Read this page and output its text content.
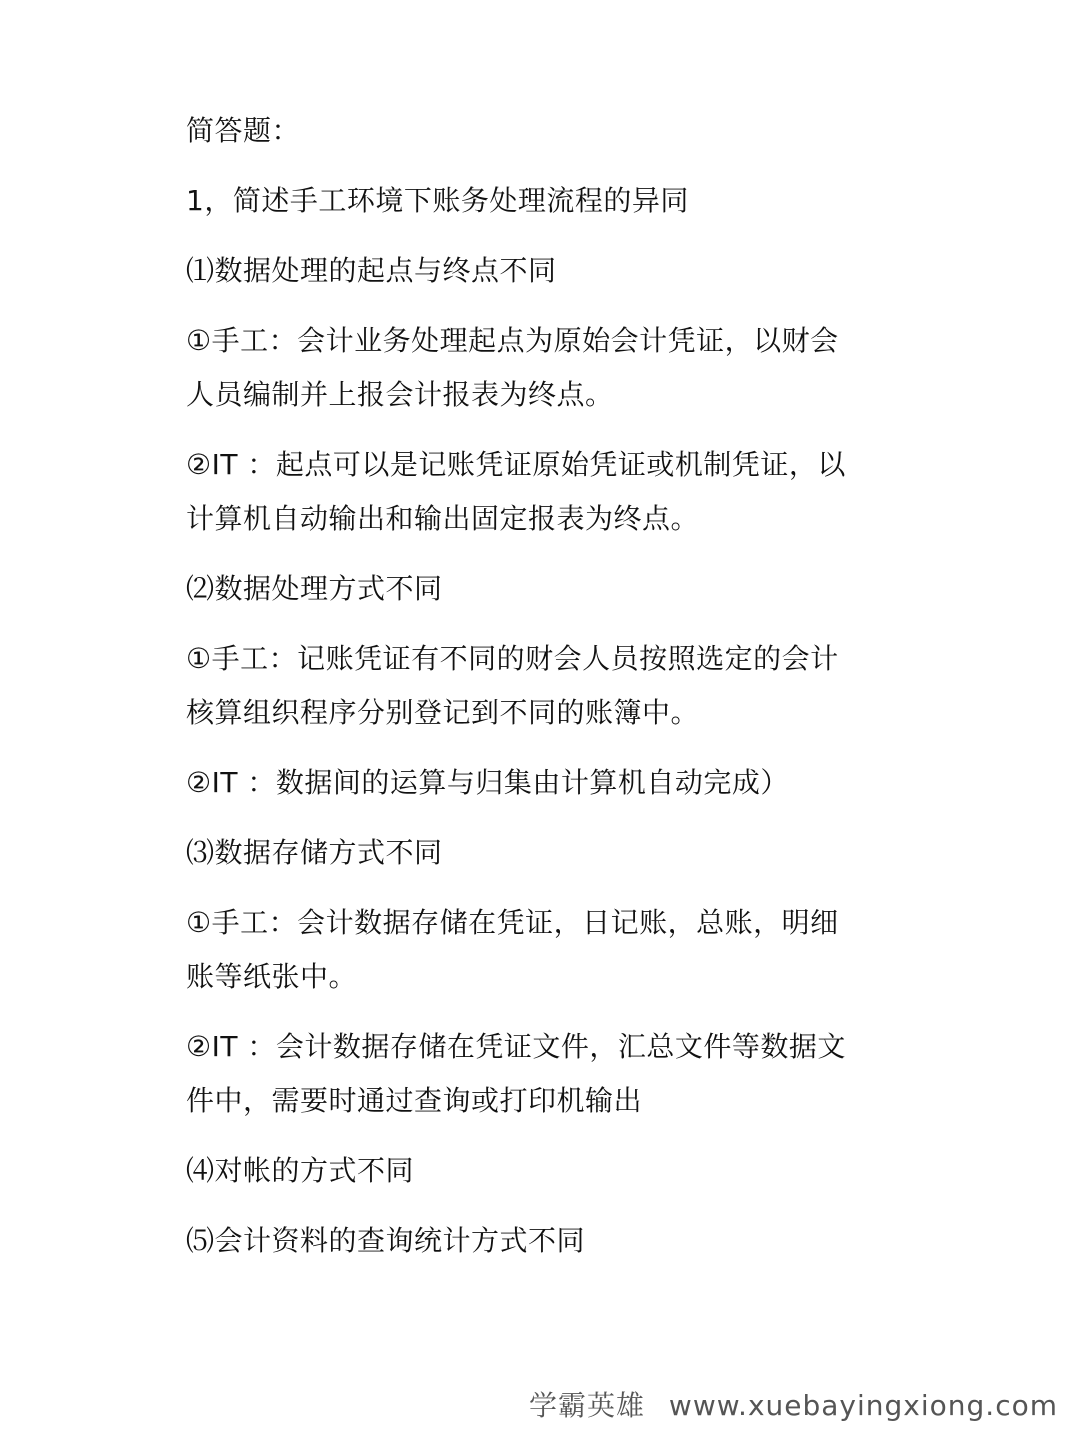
简答题：
1，简述手工环境下账务处理流程的异同
⑴数据处理的起点与终点不同
①手工：会计业务处理起点为原始会计凭证，以财会人员编制并上报会计报表为终点。
②IT ：起点可以是记账凭证原始凭证或机制凭证，以计算机自动输出和输出固定报表为终点。
⑵数据处理方式不同
①手工：记账凭证有不同的财会人员按照选定的会计核算组织程序分别登记到不同的账簿中。
②IT ：数据间的运算与归集由计算机自动完成）
⑶数据存储方式不同
①手工：会计数据存储在凭证，日记账，总账，明细账等纸张中。
②IT ：会计数据存储在凭证文件，汇总文件等数据文件中，需要时通过查询或打印机输出
⑷对帐的方式不同
⑸会计资料的查询统计方式不同
学霸英雄 www.xuebayingxiong.com
